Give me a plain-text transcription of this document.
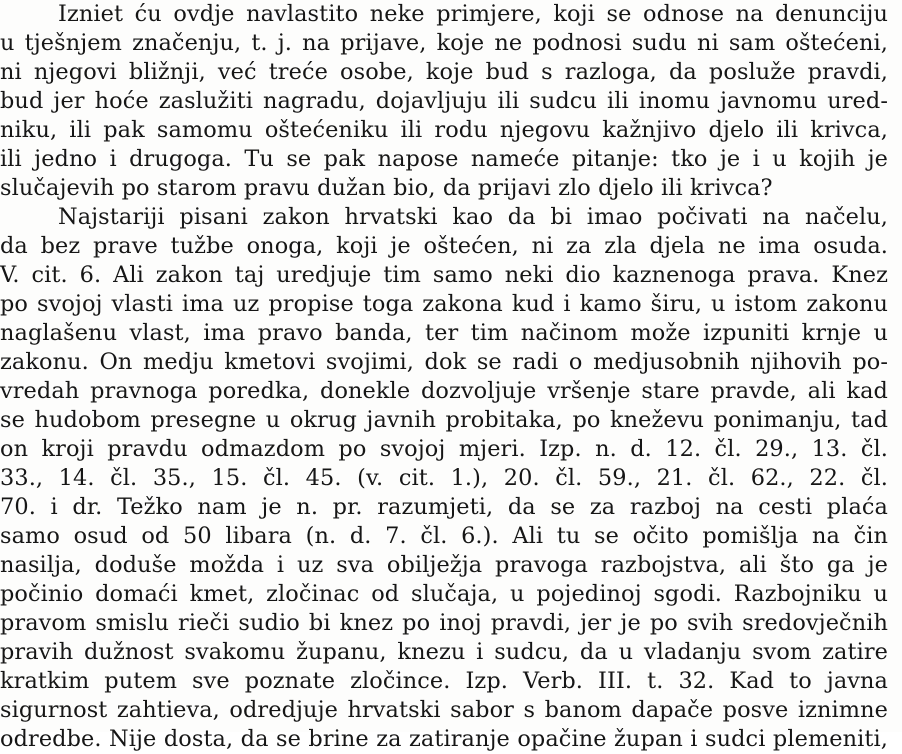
Izniet ću ovdje navlastito neke primjere, koji se odnose na denunciju
u tješnjem značenju, t. j. na prijave, koje ne podnosi sudu ni sam oštećeni,
ni njegovi bližnji, već treće osobe, koje bud s razloga, da posluže pravdi,
bud jer hoće zaslužiti nagradu, dojavljuju ili sudcu ili inomu javnomu ured-
niku, ili pak samomu oštećeniku ili rodu njegovu kažnjivo djelo ili krivca,
ili jedno i drugoga. Tu se pak napose nameće pitanje: tko je i u kojih je
slučajevih po starom pravu dužan bio, da prijavi zlo djelo ili krivca?
Najstariji pisani zakon hrvatski kao da bi imao počivati na načelu,
da bez prave tužbe onoga, koji je oštećen, ni za zla djela ne ima osuda.
V. cit. 6. Ali zakon taj uredjuje tim samo neki dio kaznenoga prava. Knez
po svojoj vlasti ima uz propise toga zakona kud i kamo širu, u istom zakonu
naglašenu vlast, ima pravo banda, ter tim načinom može izpuniti krnje u
zakonu. On medju kmetovi svojimi, dok se radi o medjusobnih njihovih po-
vredah pravnoga poredka, donekle dozvoljuje vršenje stare pravde, ali kad
se hudobom presegne u okrug javnih probitaka, po kneževu ponimanju, tad
on kroji pravdu odmazdom po svojoj mjeri. Izp. n. d. 12. čl. 29., 13. čl.
33., 14. čl. 35., 15. čl. 45. (v. cit. 1.), 20. čl. 59., 21. čl. 62., 22. čl.
70. i dr. Težko nam je n. pr. razumjeti, da se za razboj na cesti plaća
samo osud od 50 libara (n. d. 7. čl. 6.). Ali tu se očito pomišlja na čin
nasilja, doduše možda i uz sva obilježja pravoga razbojstva, ali što ga je
počinio domaći kmet, zločinac od slučaja, u pojedinoj sgodi. Razbojniku u
pravom smislu rieči sudio bi knez po inoj pravdi, jer je po svih sredovječnih
pravih dužnost svakomu županu, knezu i sudcu, da u vladanju svom zatire
kratkim putem sve poznate zločince. Izp. Verb. III. t. 32. Kad to javna
sigurnost zahtieva, odredjuje hrvatski sabor s banom dapače posve iznimne
odredbe. Nije dosta, da se brine za zatiranje opačine župan i sudci plemeniti,
